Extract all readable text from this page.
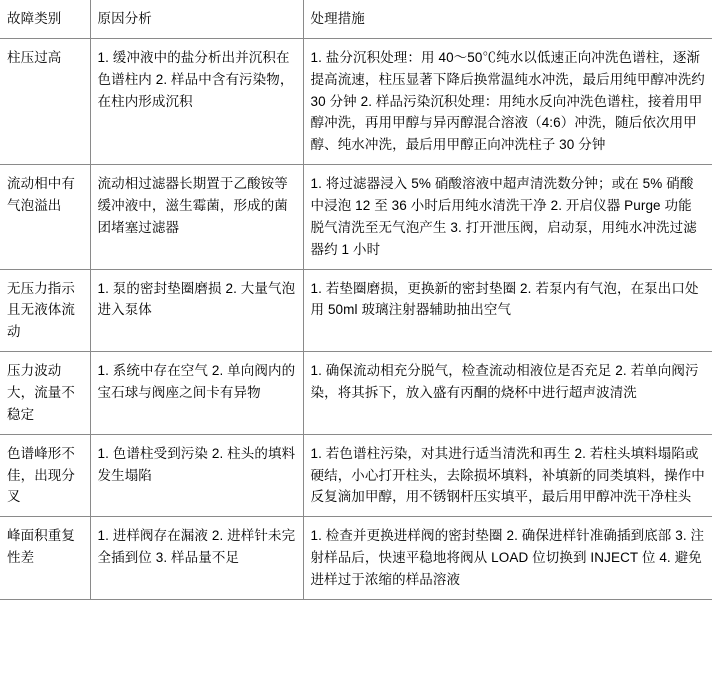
故障类别	原因分析	处理措施

柱压过高	1. 缓冲液中的盐分析出并沉积在色谱柱内 2. 样品中含有污染物，在柱内形成沉积	1. 盐分沉积处理：用 40～50℃纯水以低速正向冲洗色谱柱，逐渐提高流速，柱压显著下降后换常温纯水冲洗，最后用纯甲醇冲洗约 30 分钟 2. 样品污染沉积处理：用纯水反向冲洗色谱柱，接着用甲醇冲洗，再用甲醇与异丙醇混合溶液（4:6）冲洗，随后依次用甲醇、纯水冲洗，最后用甲醇正向冲洗柱子 30 分钟

流动相中有气泡溢出	流动相过滤器长期置于乙酸铵等缓冲液中，滋生霉菌，形成的菌团堵塞过滤器	1. 将过滤器浸入 5% 硝酸溶液中超声清洗数分钟；或在 5% 硝酸中浸泡 12 至 36 小时后用纯水清洗干净 2. 开启仪器 Purge 功能脱气清洗至无气泡产生 3. 打开泄压阀，启动泵，用纯水冲洗过滤器约 1 小时

无压力指示且无液体流动	1. 泵的密封垫圈磨损 2. 大量气泡进入泵体	1. 若垫圈磨损，更换新的密封垫圈 2. 若泵内有气泡，在泵出口处用 50ml 玻璃注射器辅助抽出空气

压力波动大，流量不稳定	1. 系统中存在空气 2. 单向阀内的宝石球与阀座之间卡有异物	1. 确保流动相充分脱气，检查流动相液位是否充足 2. 若单向阀污染，将其拆下，放入盛有丙酮的烧杯中进行超声波清洗

色谱峰形不佳，出现分叉	1. 色谱柱受到污染 2. 柱头的填料发生塌陷	1. 若色谱柱污染，对其进行适当清洗和再生 2. 若柱头填料塌陷或硬结，小心打开柱头，去除损坏填料，补填新的同类填料，操作中反复滴加甲醇，用不锈钢杆压实填平，最后用甲醇冲洗干净柱头

峰面积重复性差	1. 进样阀存在漏液 2. 进样针未完全插到位 3. 样品量不足	1. 检查并更换进样阀的密封垫圈 2. 确保进样针准确插到底部 3. 注射样品后，快速平稳地将阀从 LOAD 位切换到 INJECT 位 4. 避免进样过于浓缩的样品溶液
